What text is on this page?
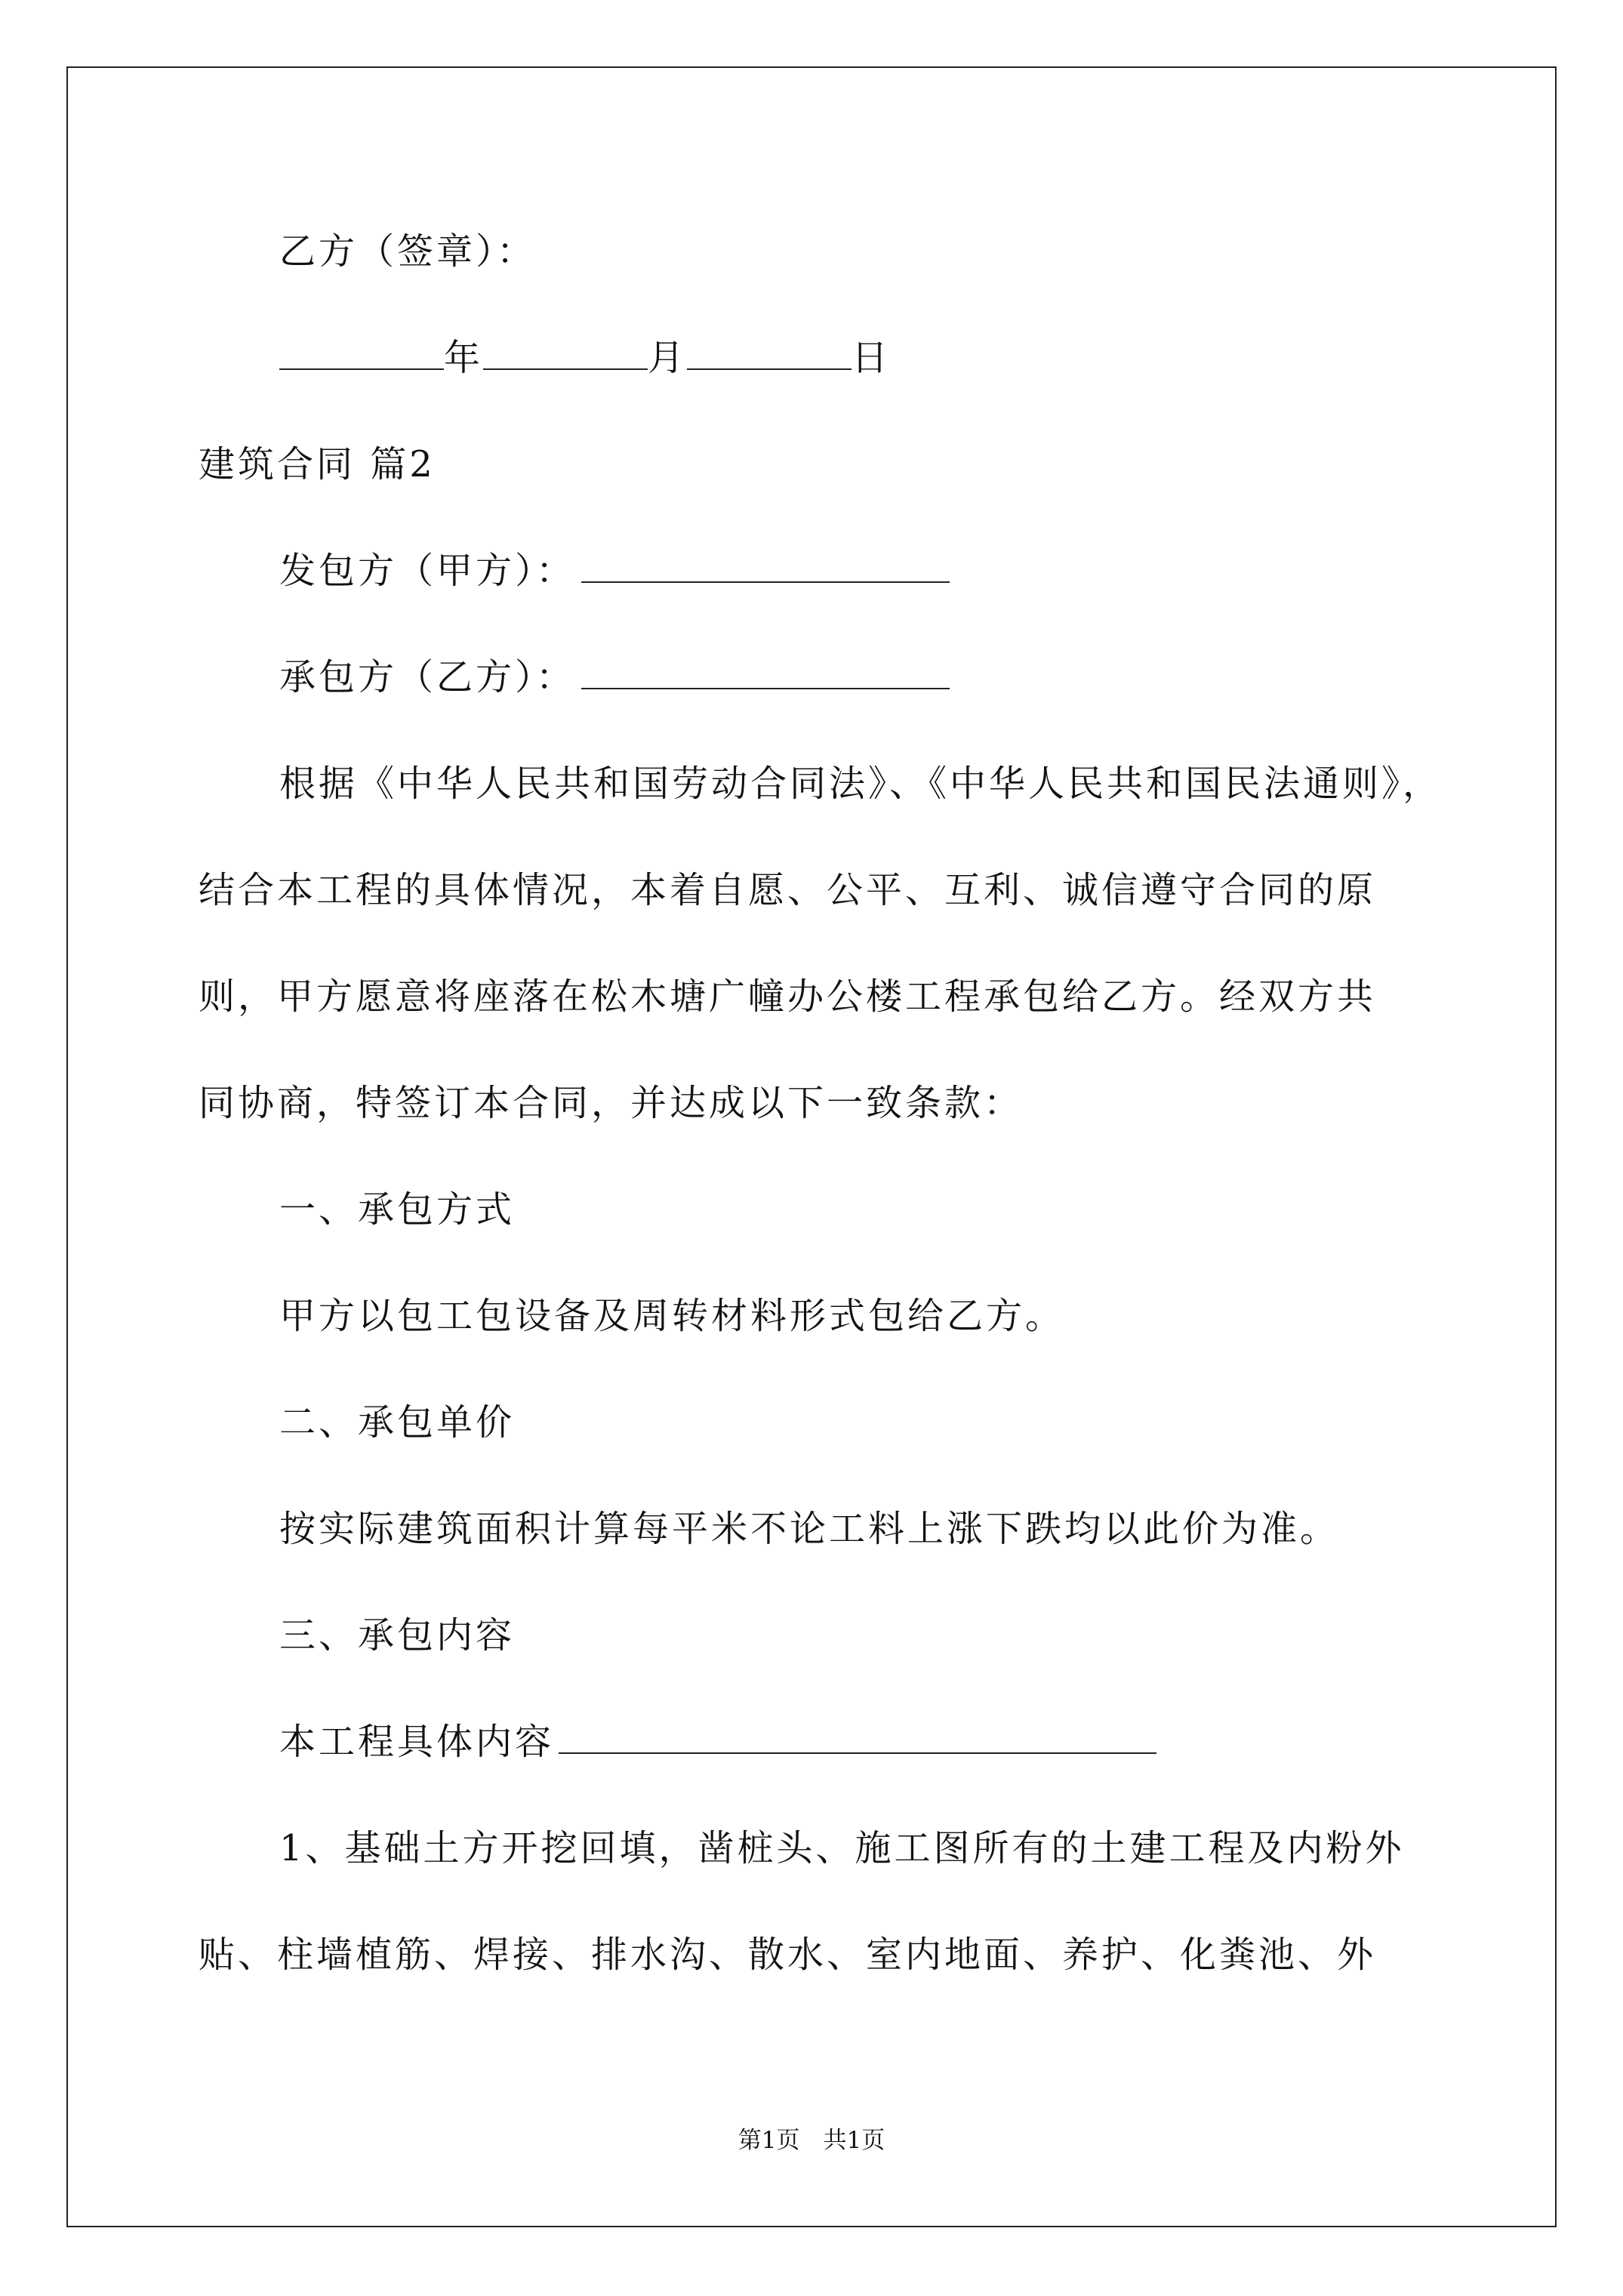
乙方（签章）：
年	月	日
建筑合同 篇2
发包方（甲方）：
承包方（乙方）：
根据《中华人民共和国劳动合同法》、《中华人民共和国民法通则》，
结合本工程的具体情况，本着自愿、公平、互利、诚信遵守合同的原
则，甲方愿意将座落在松木塘广幢办公楼工程承包给乙方。经双方共
同协商，特签订本合同，并达成以下一致条款：
一、承包方式
甲方以包工包设备及周转材料形式包给乙方。
二、承包单价
按实际建筑面积计算每平米不论工料上涨下跌均以此价为准。
三、承包内容
本工程具体内容
1、基础土方开挖回填，凿桩头、施工图所有的土建工程及内粉外
贴、柱墙植筋、焊接、排水沟、散水、室内地面、养护、化粪池、外
第1页　共1页
